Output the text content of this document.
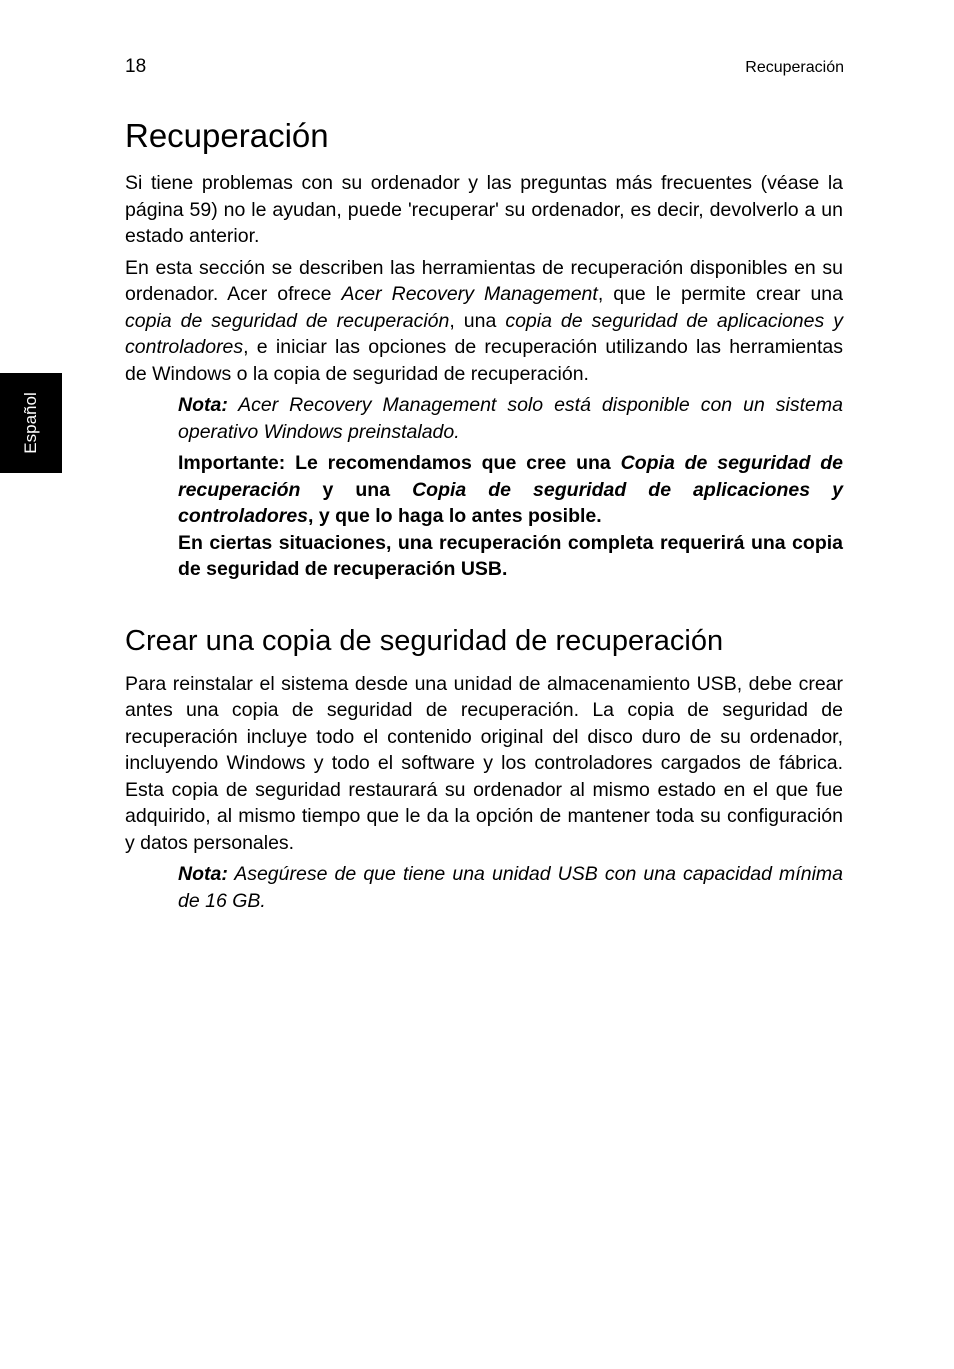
18	Recuperación
Español
Recuperación

Si tiene problemas con su ordenador y las preguntas más frecuentes (véase la página 59) no le ayudan, puede 'recuperar' su ordenador, es decir, devolverlo a un estado anterior.

En esta sección se describen las herramientas de recuperación disponibles en su ordenador. Acer ofrece Acer Recovery Management, que le permite crear una copia de seguridad de recuperación, una copia de seguridad de aplicaciones y controladores, e iniciar las opciones de recuperación utilizando las herramientas de Windows o la copia de seguridad de recuperación.

Nota: Acer Recovery Management solo está disponible con un sistema operativo Windows preinstalado.

Importante: Le recomendamos que cree una Copia de seguridad de recuperación y una Copia de seguridad de aplicaciones y controladores, y que lo haga lo antes posible.

En ciertas situaciones, una recuperación completa requerirá una copia de seguridad de recuperación USB.

Crear una copia de seguridad de recuperación

Para reinstalar el sistema desde una unidad de almacenamiento USB, debe crear antes una copia de seguridad de recuperación. La copia de seguridad de recuperación incluye todo el contenido original del disco duro de su ordenador, incluyendo Windows y todo el software y los controladores cargados de fábrica. Esta copia de seguridad restaurará su ordenador al mismo estado en el que fue adquirido, al mismo tiempo que le da la opción de mantener toda su configuración y datos personales.

Nota: Asegúrese de que tiene una unidad USB con una capacidad mínima de 16 GB.
